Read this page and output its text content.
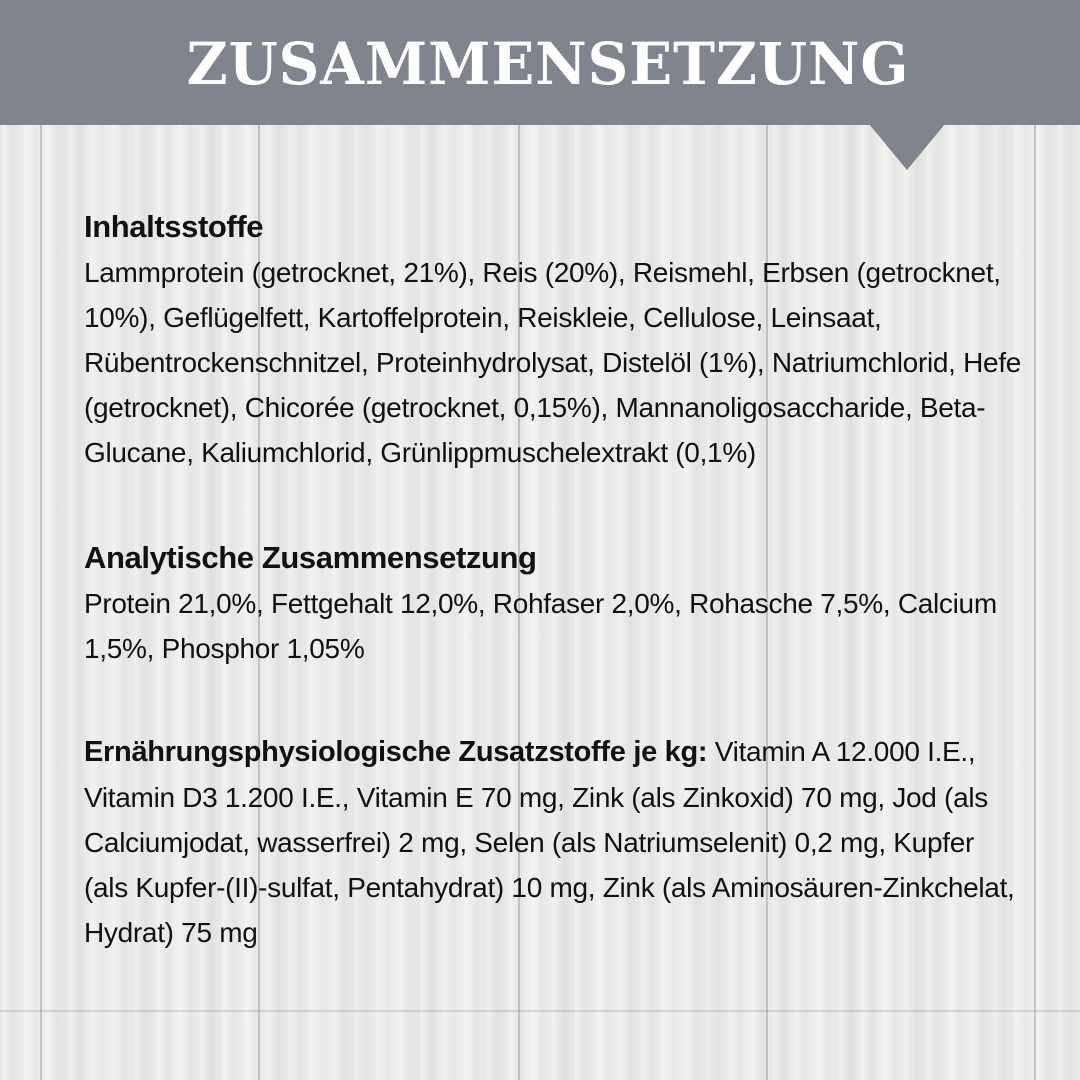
ZUSAMMENSETZUNG

Inhaltsstoffe

Lammprotein (getrocknet, 21%), Reis (20%), Reismehl, Erbsen (getrocknet, 10%), Geflügelfett, Kartoffelprotein, Reiskleie, Cellulose, Leinsaat, Rübentrockenschnitzel, Proteinhydrolysat, Distelöl (1%), Natriumchlorid, Hefe (getrocknet), Chicorée (getrocknet, 0,15%), Mannanoligosaccharide, Beta-Glucane, Kaliumchlorid, Grünlippmuschelextrakt (0,1%)

Analytische Zusammensetzung

Protein 21,0%, Fettgehalt 12,0%, Rohfaser 2,0%, Rohasche 7,5%, Calcium 1,5%, Phosphor 1,05%

Ernährungsphysiologische Zusatzstoffe je kg: Vitamin A 12.000 I.E., Vitamin D3 1.200 I.E., Vitamin E 70 mg, Zink (als Zinkoxid) 70 mg, Jod (als Calciumjodat, wasserfrei) 2 mg, Selen (als Natriumselenit) 0,2 mg, Kupfer (als Kupfer-(II)-sulfat, Pentahydrat) 10 mg, Zink (als Aminosäuren-Zinkchelat, Hydrat) 75 mg
